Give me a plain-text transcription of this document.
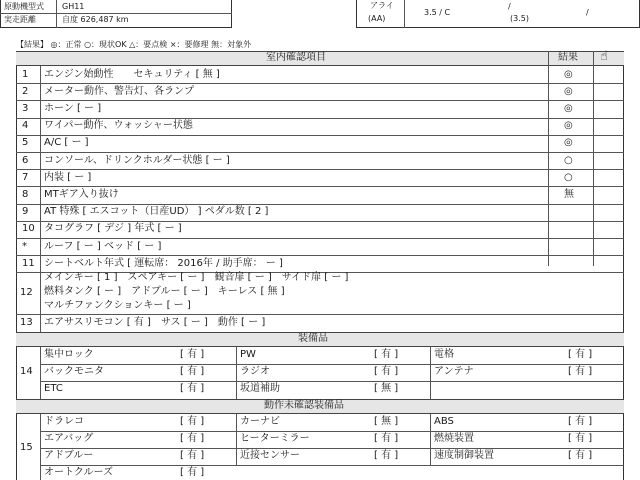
原動機型式 GH11
実走距離	自度 626,487 km
アライ
(AA)
3.5 / C
/
(3.5)
/
【結果】 ◎：正常 ○：現状OK △：要点検 ×：要修理 無：対象外
室内確認項目	結果 ☝
1 エンジン始動性　　セキュリティ [ 無 ]	◎
2 メーター動作、警告灯、各ランプ	◎
3 ホーン [ ー ]	◎
4 ワイパー動作、ウォッシャー状態	◎
5 A/C [ ー ]	◎
6 コンソール、ドリンクホルダー状態 [ ー ]	○
7 内装 [ ー ]	○
8 MTギア入り抜け	無
9 AT 特殊 [ エスコット（日産UD） ] ペダル数 [ 2 ]
10 タコグラフ [ デジ ] 年式 [ ー ]
* ルーフ [ ー ] ベッド [ ー ]
11 シートベルト年式 [ 運転席： 2016年 / 助手席： ー ]
12
メインキー [ 1 ]　スペアキー [ ー ]　観音扉 [ ー ]　サイド扉 [ ー ]
燃料タンク [ ー ]　アドブルー [ ー ]　キーレス [ 無 ]
マルチファンクションキー [ ー ]
13 エアサスリモコン [ 有 ]　サス [ ー ]　動作 [ ー ]
装備品
14
集中ロック	[ 有 ]	PW	[ 有 ]	電格	[ 有 ]
バックモニタ	[ 有 ]	ラジオ	[ 有 ]	アンテナ	[ 有 ]
ETC	[ 有 ]	坂道補助	[ 無 ]
動作未確認装備品
15
ドラレコ	[ 有 ]	カーナビ	[ 無 ]	ABS	[ 有 ]
エアバッグ	[ 有 ]	ヒーターミラー	[ 有 ]	燃焼装置	[ 有 ]
アドブルー	[ 有 ]	近接センサー	[ 有 ]	速度制御装置	[ 有 ]
オートクルーズ	[ 有 ]
